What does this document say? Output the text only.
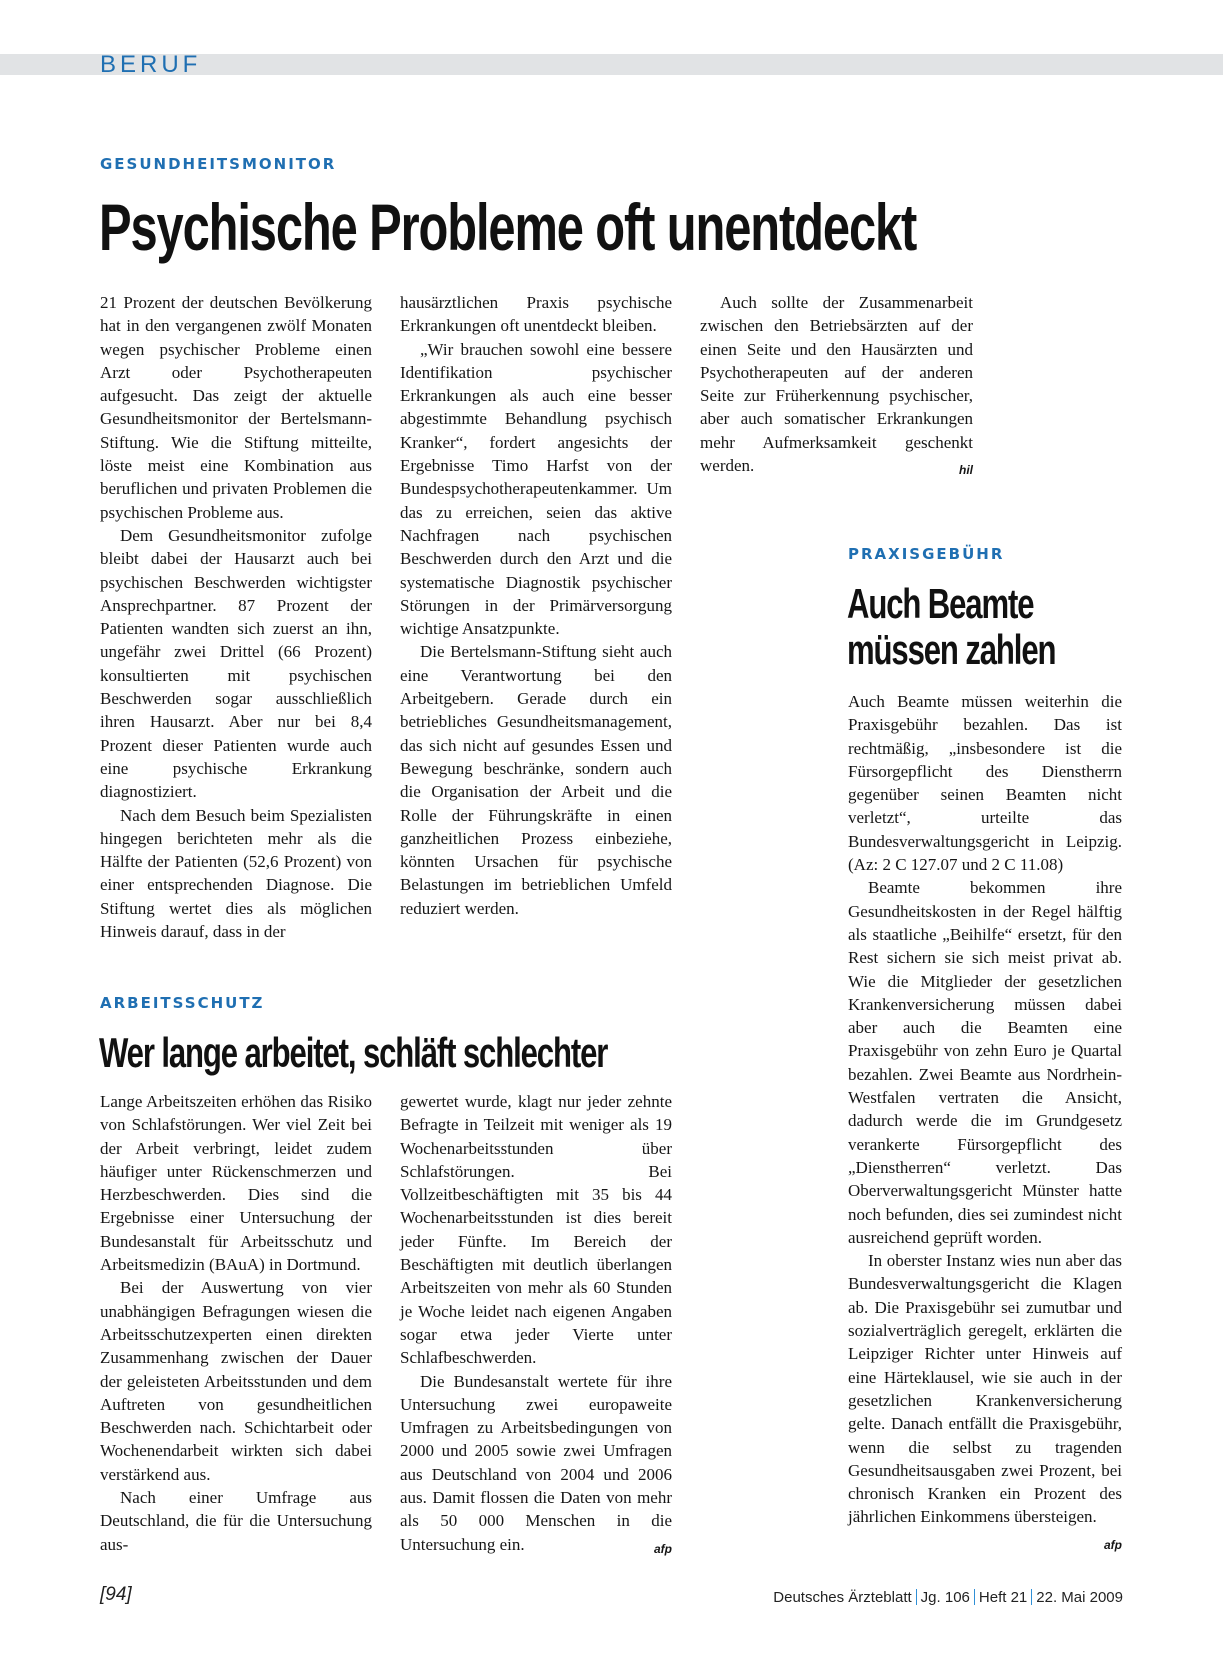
BERUF
GESUNDHEITSMONITOR
Psychische Probleme oft unentdeckt

21 Prozent der deutschen Bevölkerung hat in den vergangenen zwölf Monaten wegen psychischer Probleme einen Arzt oder Psychotherapeuten aufgesucht. Das zeigt der aktuelle Gesundheitsmonitor der Bertelsmann-Stiftung. Wie die Stiftung mitteilte, löste meist eine Kombination aus beruflichen und privaten Problemen die psychischen Probleme aus.

Dem Gesundheitsmonitor zufolge bleibt dabei der Hausarzt auch bei psychischen Beschwerden wichtigster Ansprechpartner. 87 Prozent der Patienten wandten sich zuerst an ihn, ungefähr zwei Drittel (66 Prozent) konsultierten mit psychischen Beschwerden sogar ausschließlich ihren Hausarzt. Aber nur bei 8,4 Prozent dieser Patienten wurde auch eine psychische Erkrankung diagnostiziert.

Nach dem Besuch beim Spezialisten hingegen berichteten mehr als die Hälfte der Patienten (52,6 Prozent) von einer entsprechenden Diagnose. Die Stiftung wertet dies als möglichen Hinweis darauf, dass in der

hausärztlichen Praxis psychische Erkrankungen oft unentdeckt bleiben.

„Wir brauchen sowohl eine bessere Identifikation psychischer Erkrankungen als auch eine besser abgestimmte Behandlung psychisch Kranker“, fordert angesichts der Ergebnisse Timo Harfst von der Bundespsychotherapeutenkammer. Um das zu erreichen, seien das aktive Nachfragen nach psychischen Beschwerden durch den Arzt und die systematische Diagnostik psychischer Störungen in der Primärversorgung wichtige Ansatzpunkte.

Die Bertelsmann-Stiftung sieht auch eine Verantwortung bei den Arbeitgebern. Gerade durch ein betriebliches Gesundheitsmanagement, das sich nicht auf gesundes Essen und Bewegung beschränke, sondern auch die Organisation der Arbeit und die Rolle der Führungskräfte in einen ganzheitlichen Prozess einbeziehe, könnten Ursachen für psychische Belastungen im betrieblichen Umfeld reduziert werden.

Auch sollte der Zusammenarbeit zwischen den Betriebsärzten auf der einen Seite und den Hausärzten und Psychotherapeuten auf der anderen Seite zur Früherkennung psychischer, aber auch somatischer Erkrankungen mehr Aufmerksamkeit geschenkt werden.	hil

PRAXISGEBÜHR
Auch Beamte
müssen zahlen

Auch Beamte müssen weiterhin die Praxisgebühr bezahlen. Das ist rechtmäßig, „insbesondere ist die Fürsorgepflicht des Dienstherrn gegenüber seinen Beamten nicht verletzt“, urteilte das Bundesverwaltungsgericht in Leipzig. (Az: 2 C 127.07 und 2 C 11.08)

Beamte bekommen ihre Gesundheitskosten in der Regel hälftig als staatliche „Beihilfe“ ersetzt, für den Rest sichern sie sich meist privat ab. Wie die Mitglieder der gesetzlichen Krankenversicherung müssen dabei aber auch die Beamten eine Praxisgebühr von zehn Euro je Quartal bezahlen. Zwei Beamte aus Nordrhein-Westfalen vertraten die Ansicht, dadurch werde die im Grundgesetz verankerte Fürsorgepflicht des „Dienstherren“ verletzt. Das Oberverwaltungsgericht Münster hatte noch befunden, dies sei zumindest nicht ausreichend geprüft worden.

In oberster Instanz wies nun aber das Bundesverwaltungsgericht die Klagen ab. Die Praxisgebühr sei zumutbar und sozialverträglich geregelt, erklärten die Leipziger Richter unter Hinweis auf eine Härteklausel, wie sie auch in der gesetzlichen Krankenversicherung gelte. Danach entfällt die Praxisgebühr, wenn die selbst zu tragenden Gesundheitsausgaben zwei Prozent, bei chronisch Kranken ein Prozent des jährlichen Einkommens übersteigen.
afp

ARBEITSSCHUTZ
Wer lange arbeitet, schläft schlechter

Lange Arbeitszeiten erhöhen das Risiko von Schlafstörungen. Wer viel Zeit bei der Arbeit verbringt, leidet zudem häufiger unter Rückenschmerzen und Herzbeschwerden. Dies sind die Ergebnisse einer Untersuchung der Bundesanstalt für Arbeitsschutz und Arbeitsmedizin (BAuA) in Dortmund.

Bei der Auswertung von vier unabhängigen Befragungen wiesen die Arbeitsschutzexperten einen direkten Zusammenhang zwischen der Dauer der geleisteten Arbeitsstunden und dem Auftreten von gesundheitlichen Beschwerden nach. Schichtarbeit oder Wochenendarbeit wirkten sich dabei verstärkend aus.

Nach einer Umfrage aus Deutschland, die für die Untersuchung aus-

gewertet wurde, klagt nur jeder zehnte Befragte in Teilzeit mit weniger als 19 Wochenarbeitsstunden über Schlafstörungen. Bei Vollzeitbeschäftigten mit 35 bis 44 Wochenarbeitsstunden ist dies bereit jeder Fünfte. Im Bereich der Beschäftigten mit deutlich überlangen Arbeitszeiten von mehr als 60 Stunden je Woche leidet nach eigenen Angaben sogar etwa jeder Vierte unter Schlafbeschwerden.

Die Bundesanstalt wertete für ihre Untersuchung zwei europaweite Umfragen zu Arbeitsbedingungen von 2000 und 2005 sowie zwei Umfragen aus Deutschland von 2004 und 2006 aus. Damit flossen die Daten von mehr als 50 000 Menschen in die Untersuchung ein.	afp

[94]	Deutsches Ärzteblatt Jg. 106 Heft 21 22. Mai 2009
